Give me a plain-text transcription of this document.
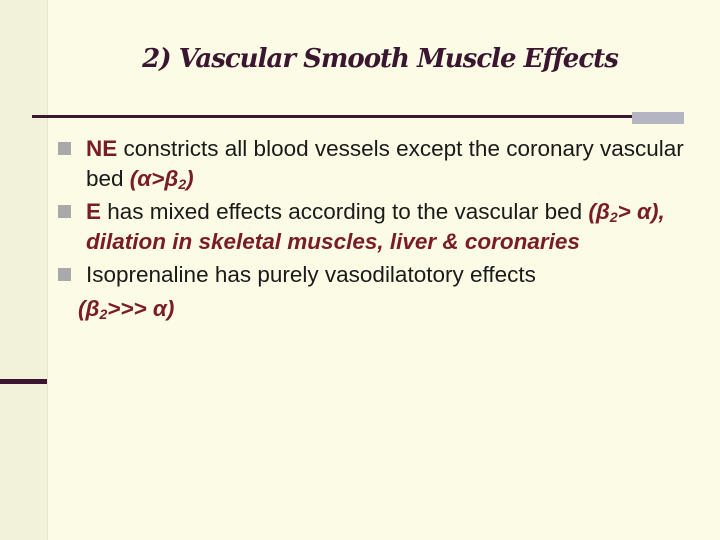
2) Vascular Smooth Muscle Effects
NE constricts all blood vessels except the coronary vascular bed $(\alpha>\beta_2)$
E has mixed effects according to the vascular bed $(\beta_2> \alpha)$, dilation in skeletal muscles, liver & coronaries
Isoprenaline has purely vasodilatotory effects
$(\beta_2>>> \alpha)$
